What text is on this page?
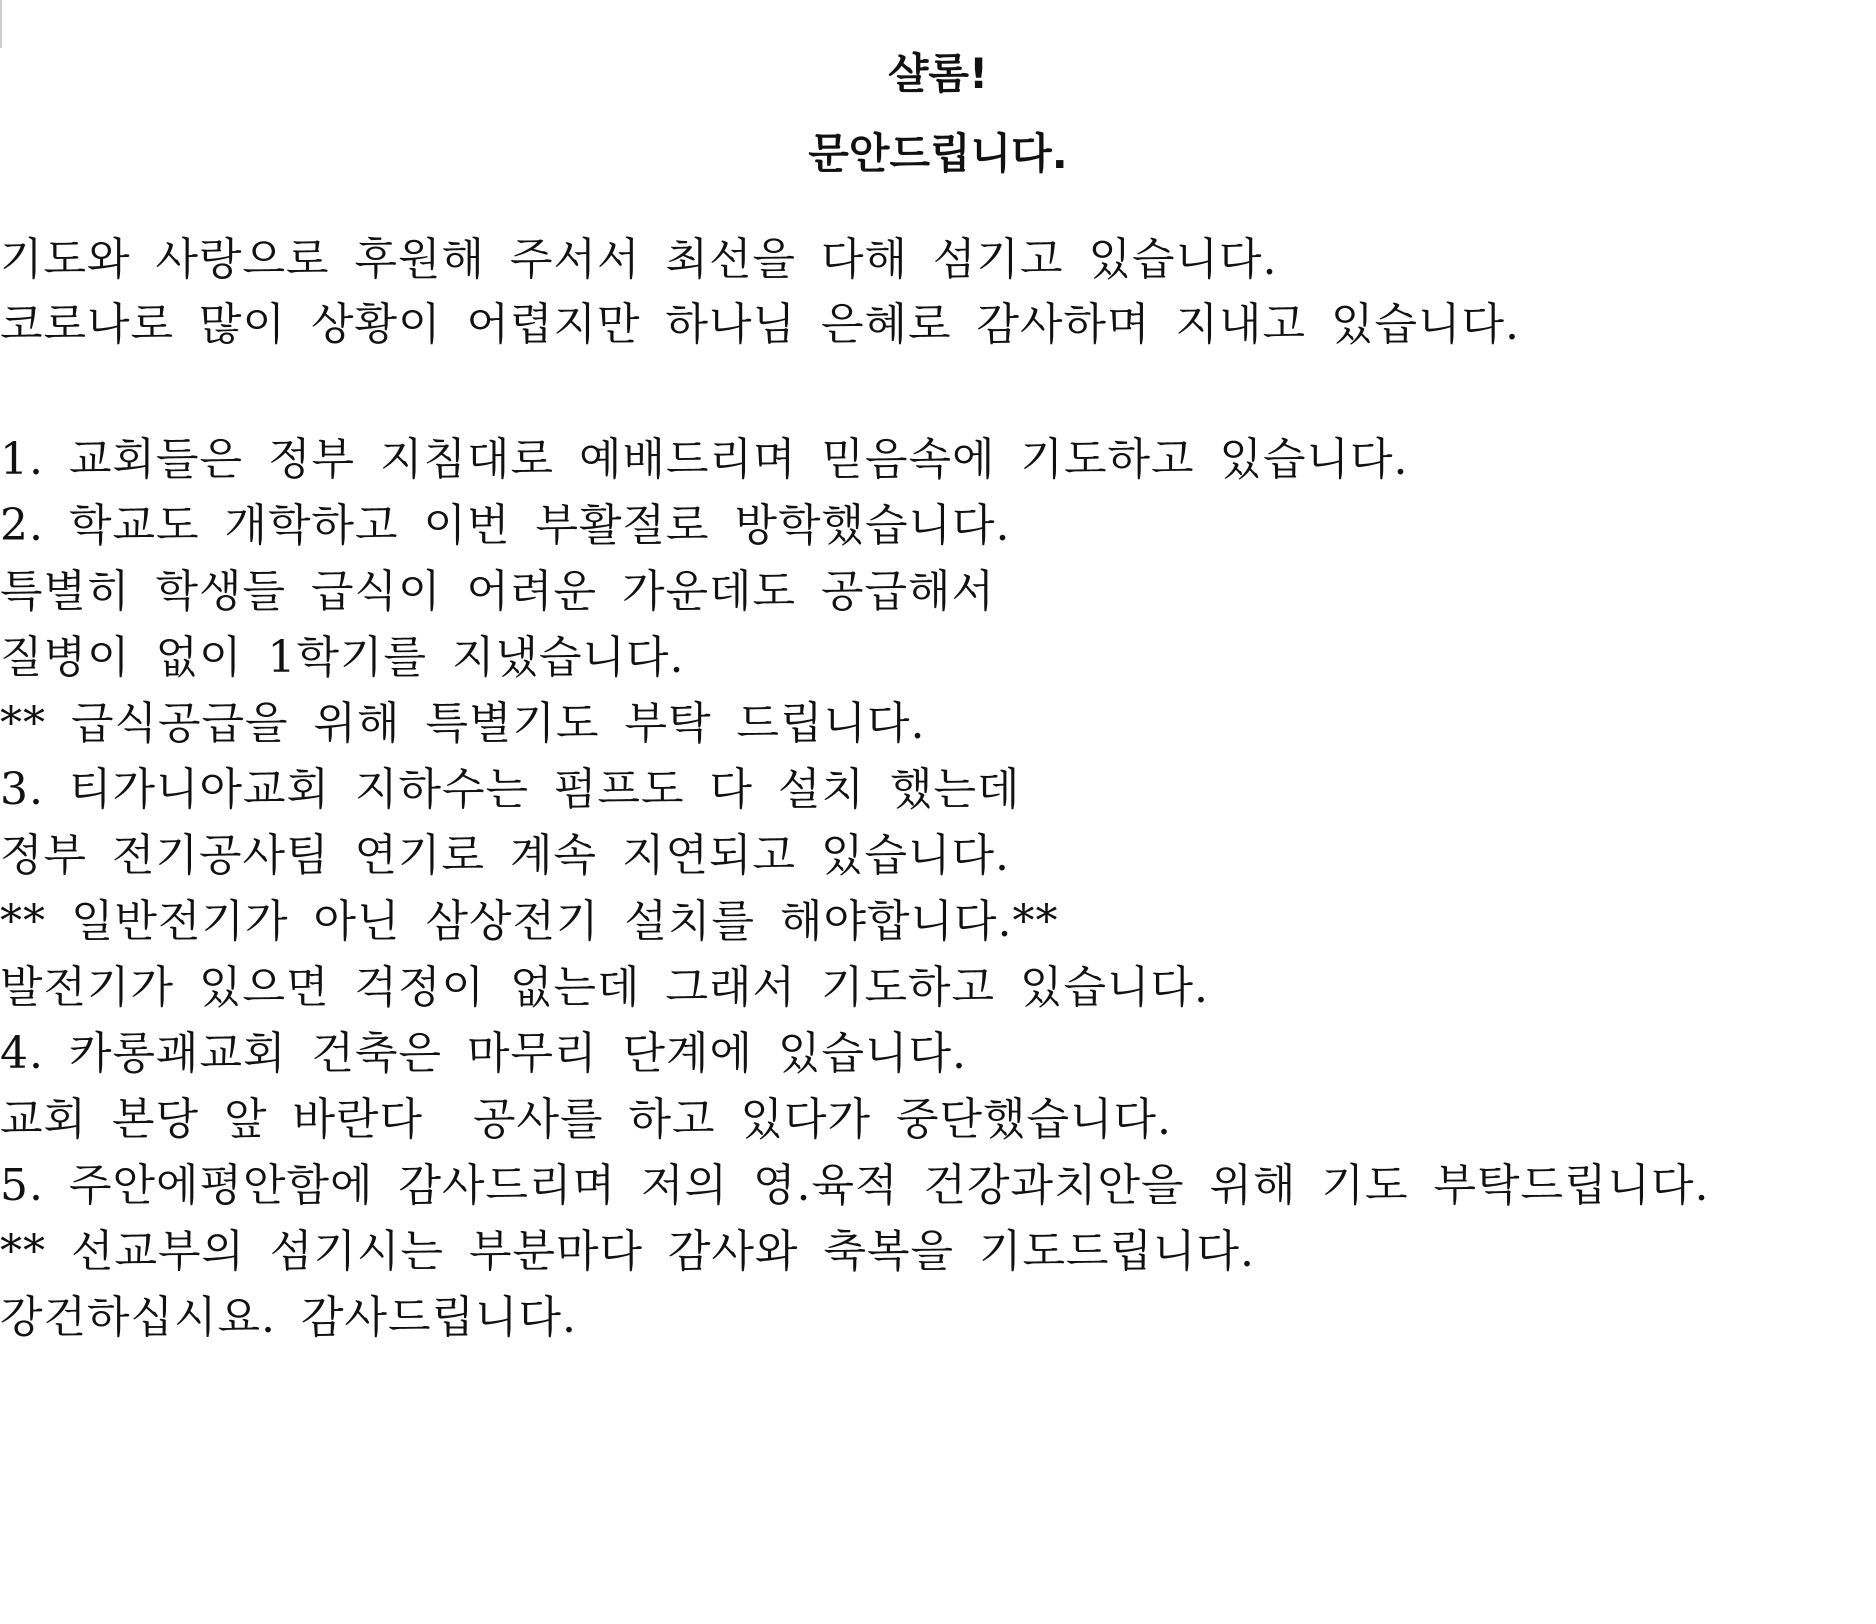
샬롬!
문안드립니다.
기도와 사랑으로 후원해 주서서 최선을 다해 섬기고 있습니다.
코로나로 많이 상황이 어렵지만 하나님 은혜로 감사하며 지내고 있습니다.
1. 교회들은 정부 지침대로 예배드리며 믿음속에 기도하고 있습니다.
2. 학교도 개학하고 이번 부활절로 방학했습니다.
특별히 학생들 급식이 어려운 가운데도 공급해서
질병이 없이 1학기를 지냈습니다.
** 급식공급을 위해 특별기도 부탁 드립니다.
3. 티가니아교회 지하수는 펌프도 다 설치 했는데
정부 전기공사팀 연기로 계속 지연되고 있습니다.
** 일반전기가 아닌 삼상전기 설치를 해야합니다.**
발전기가 있으면 걱정이 없는데 그래서 기도하고 있습니다.
4. 카롱괘교회 건축은 마무리 단계에 있습니다.
교회 본당 앞 바란다  공사를 하고 있다가 중단했습니다.
5. 주안에평안함에 감사드리며 저의 영.육적 건강과치안을 위해 기도 부탁드립니다.
** 선교부의 섬기시는 부분마다 감사와 축복을 기도드립니다.
강건하십시요. 감사드립니다.
